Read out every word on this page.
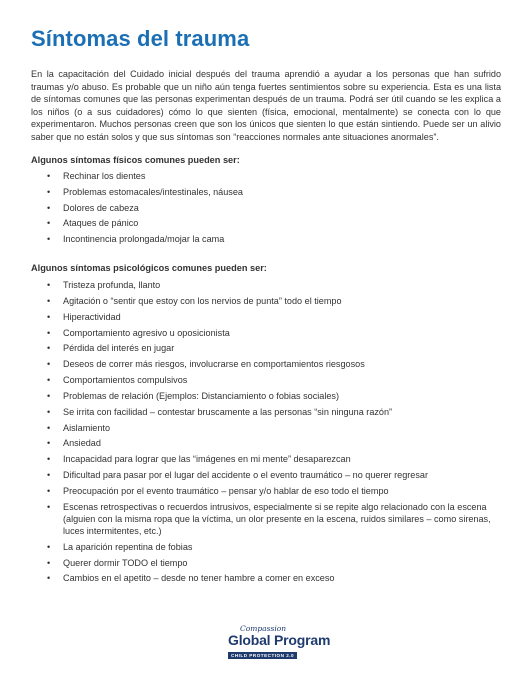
Síntomas del trauma

En la capacitación del Cuidado inicial después del trauma aprendió a ayudar a los personas que han sufrido traumas y/o abuso. Es probable que un niño aún tenga fuertes sentimientos sobre su experiencia. Esta es una lista de síntomas comunes que las personas experimentan después de un trauma. Podrá ser útil cuando se les explica a los niños (o a sus cuidadores) cómo lo que sienten (física, emocional, mentalmente) se conecta con lo que experimentaron. Muchos personas creen que son los únicos que sienten lo que están sintiendo. Puede ser un alivio saber que no están solos y que sus síntomas son “reacciones normales ante situaciones anormales”.

Algunos síntomas físicos comunes pueden ser:

• Rechinar los dientes
• Problemas estomacales/intestinales, náusea
• Dolores de cabeza
• Ataques de pánico
• Incontinencia prolongada/mojar la cama

Algunos síntomas psicológicos comunes pueden ser:

• Tristeza profunda, llanto
• Agitación o “sentir que estoy con los nervios de punta” todo el tiempo
• Hiperactividad
• Comportamiento agresivo u oposicionista
• Pérdida del interés en jugar
• Deseos de correr más riesgos, involucrarse en comportamientos riesgosos
• Comportamientos compulsivos
• Problemas de relación (Ejemplos: Distanciamiento o fobias sociales)
• Se irrita con facilidad – contestar bruscamente a las personas “sin ninguna razón”
• Aislamiento
• Ansiedad
• Incapacidad para lograr que las “imágenes en mi mente” desaparezcan
• Dificultad para pasar por el lugar del accidente o el evento traumático – no querer regresar
• Preocupación por el evento traumático – pensar y/o hablar de eso todo el tiempo
• Escenas retrospectivas o recuerdos intrusivos, especialmente si se repite algo relacionado con la escena (alguien con la misma ropa que la víctima, un olor presente en la escena, ruidos similares – como sirenas, luces intermitentes, etc.)
• La aparición repentina de fobias
• Querer dormir TODO el tiempo
• Cambios en el apetito – desde no tener hambre a comer en exceso
Compassion
Global Program
CHILD PROTECTION 2.0
